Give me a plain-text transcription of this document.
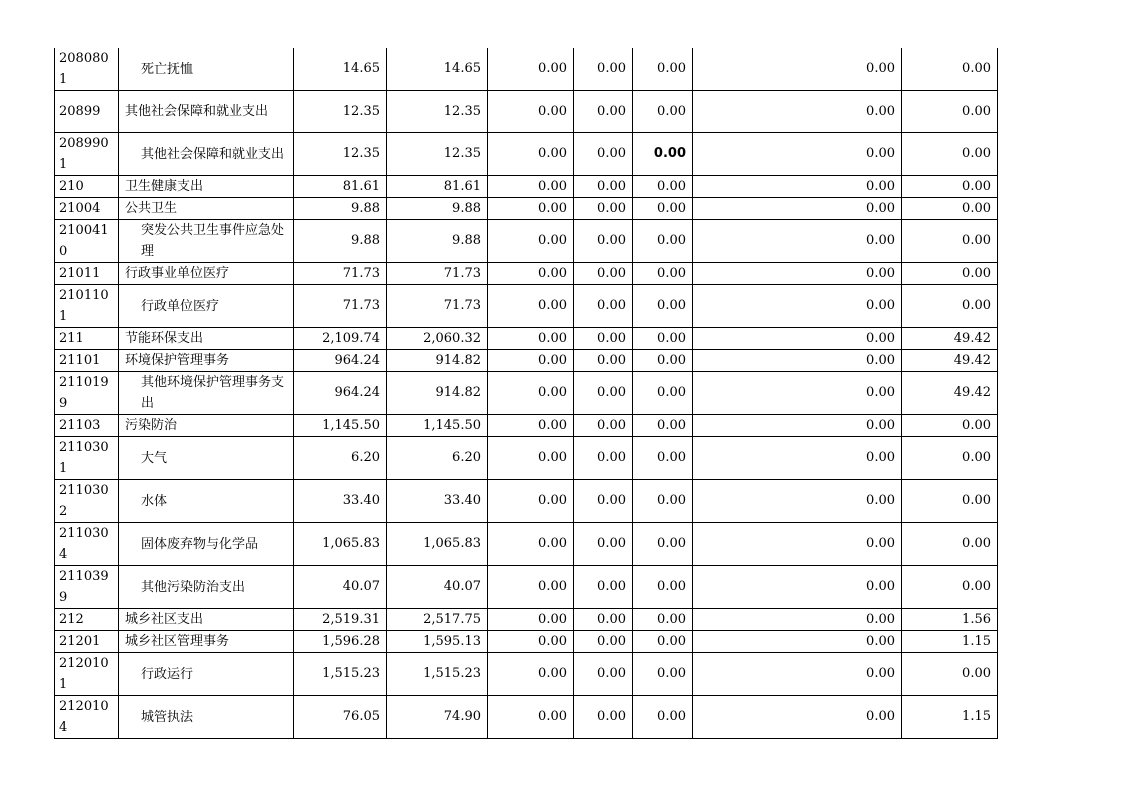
2080801	死亡抚恤	14.65	14.65	0.00	0.00	0.00	0.00	0.00
20899	其他社会保障和就业支出	12.35	12.35	0.00	0.00	0.00	0.00	0.00
2089901	其他社会保障和就业支出	12.35	12.35	0.00	0.00	0.00	0.00	0.00
210	卫生健康支出	81.61	81.61	0.00	0.00	0.00	0.00	0.00
21004	公共卫生	9.88	9.88	0.00	0.00	0.00	0.00	0.00
2100410	突发公共卫生事件应急处理	9.88	9.88	0.00	0.00	0.00	0.00	0.00
21011	行政事业单位医疗	71.73	71.73	0.00	0.00	0.00	0.00	0.00
2101101	行政单位医疗	71.73	71.73	0.00	0.00	0.00	0.00	0.00
211	节能环保支出	2,109.74	2,060.32	0.00	0.00	0.00	0.00	49.42
21101	环境保护管理事务	964.24	914.82	0.00	0.00	0.00	0.00	49.42
2110199	其他环境保护管理事务支出	964.24	914.82	0.00	0.00	0.00	0.00	49.42
21103	污染防治	1,145.50	1,145.50	0.00	0.00	0.00	0.00	0.00
2110301	大气	6.20	6.20	0.00	0.00	0.00	0.00	0.00
2110302	水体	33.40	33.40	0.00	0.00	0.00	0.00	0.00
2110304	固体废弃物与化学品	1,065.83	1,065.83	0.00	0.00	0.00	0.00	0.00
2110399	其他污染防治支出	40.07	40.07	0.00	0.00	0.00	0.00	0.00
212	城乡社区支出	2,519.31	2,517.75	0.00	0.00	0.00	0.00	1.56
21201	城乡社区管理事务	1,596.28	1,595.13	0.00	0.00	0.00	0.00	1.15
2120101	行政运行	1,515.23	1,515.23	0.00	0.00	0.00	0.00	0.00
2120104	城管执法	76.05	74.90	0.00	0.00	0.00	0.00	1.15
